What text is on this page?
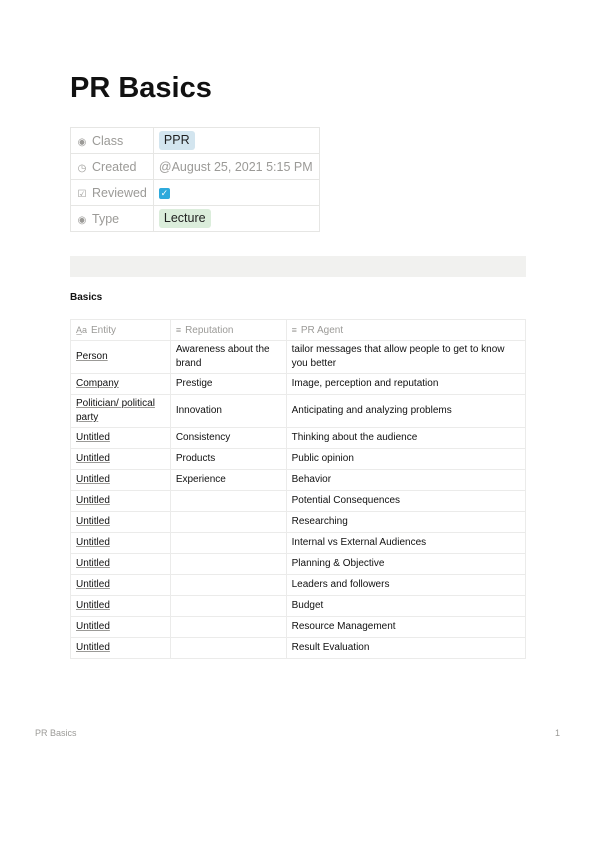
PR Basics
◉ Class	PPR
◷ Created	@August 25, 2021 5:15 PM
☑ Reviewed	✓
◉ Type	Lecture
Basics
A̲a Entity	≡ Reputation	≡ PR Agent
Person	Awareness about the brand	tailor messages that allow people to get to know you better
Company	Prestige	Image, perception and reputation
Politician/ political party	Innovation	Anticipating and analyzing problems
Untitled	Consistency	Thinking about the audience
Untitled	Products	Public opinion
Untitled	Experience	Behavior
Untitled		Potential Consequences
Untitled		Researching
Untitled		Internal vs External Audiences
Untitled		Planning & Objective
Untitled		Leaders and followers
Untitled		Budget
Untitled		Resource Management
Untitled		Result Evaluation
PR Basics	1
